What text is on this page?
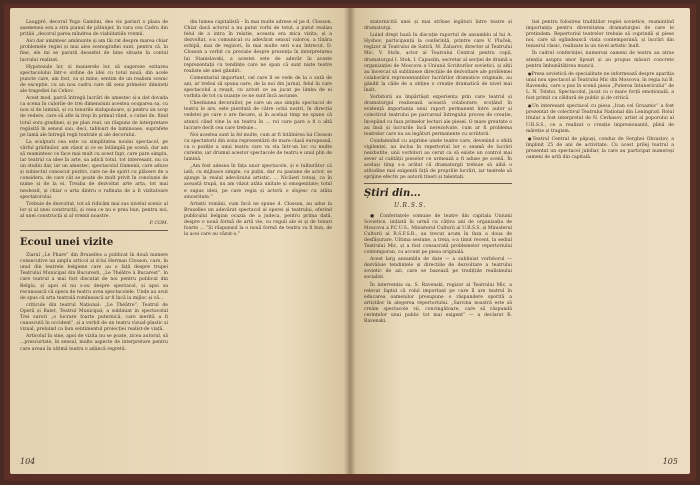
Laugpré, decorul Yugo Gamiini, deo vis pariuri o plaza de asemenea son a stra pianul de pătunjer, în vara cea Cadru din prițiiii „decorul parea mîndrea de viabiitatiile vremii.

Aici dar amintesc amănunte și am tăi rat despre marea chiar problemele regiei și mai ales scenografiei sunt, pentru că, în fine, ele mi se parură deosebit de bine situate în contul lucrului realizat.

Hypotezale lor, si manierele lor, să sugereze ezitarea spectacolului într-o ordine de idei cu totul nouă, din acele puncte care, am fost, ca și mine, sentim de un realism scenic de excepție, cu un nou cadru care dă sens primelor dimineți ale tragediei lui Cehov.

Acest mod, parcă întregii lucrări de amestec și-a dat dovada ca scena în culorile de trei dimensiuni acestea ocuparea sa, cu nou si de lumină, și cu tonurile stalupuloare, și pentru un scop de vedere, care să afle la trep în primul rând, o cutiei de, fiind totul sora gradinei, și pe plan real, un răspuns de interpretare regăsită în sensul sau, deci, tablouri de luminoase, suprafete pe lamă ale întregii regii teatrale și ale decorului.

La sculpurii cea este ca simplitatea noului spectacol, pe vârful grădinilor, am văzut și ce se întâmplă pe scenă, dar am să reamintesc ce face mai mult cu acest fapt, care pare simplu, iar teatrul ca idee în arte, sa adică totul, tot interesant, nu ca un studiu dar, iar un amestec, spectacolul Oamenii, care aduce și subiectul cunoscut pozitiv, care ne de spirit cu plăcere de a considera, de care cât se poate de mult privit în concluzie de nume și de la ei. Treaba de dezvoltat arte arta, tot mai neobosit, și chiar o arta dintru o rafinata de a fi vizitatoare spectatorului.

Trebuie de dezvoltat, tot să ridicăm mai sus nivelul scenic al lor și al unei construcții, și ceea ce nu e prea bun, pentru noi, al unei construcții și al vremii noastre.

P. COM.
Ecoul unei vizite

Ziarul „Le Phare” din Bruxelles a publicat în două numere consecutive un amplu articol al d-lui Herman Closson, care, în unul din teatrele belgiene care au o față despre trupei Teatrului Municipal din Bucuresti, „Le Théâtre à Bucarest”, în care teatrul a mai fost discutat de noi pentru publicul din Belgia, și apoi el nu s-au despre spectacol, și apoi sa recunoască că opera de teatru avea spectacolele. Unde au avut de spus că arta teatrală romînească ar fi încă la mijloc și că...

criticule din teatrul Național: „Le Théâtre”, Teatrul de Operă și Balet, Teatrul Municipal; a subliniat in spectacolul Trei surori „o lucrare foarte puternică, care merită a fi cunoscută în occident”, și a vorbit de un teatru vizuaI-plastic și vizual, preluind ca bun sentimentul proiecției realist-de viață.

Articolul în sine, apoi de vizita nu se poate, zicea autorul, să ...prescurtate, în sensul, multe aspecte de interpretare pentru care aveau în ultimă teatru o adâncă regretă.

din lumea capitalistă – în mai multe adrese el pe d. Closson. Chiar dacă actorul a nu putut vorbi de totul, a putut realiza felul de a intra în relatie, aceasta era mica vizita, și a dezvoltat, s-a comunicat cu adevărat sensul valoros, a tînăra echipă, mai de regizori, în mai multe seri s-au întrecut. D. Closson a vorbit cu precizie despre prezența în interpretarea lui Stanislavski, a acestei sete de adevăr în aceste reprezentații cu tendințe care ne spun că sunt niște teatre realiste ale unei gândiri.

Comentariul important, cel care îl se vede de la o sută de ani, ar trebui să spuna oare, de la noi din jurnal, felul în care spectacolul a reușit, cu actori ce au jucat pe limba de ei vorbita de tot cu nuanțe ce ne sunt încă ascunse.

Chestiunea decoruilor, pe care un așa simplu spectacol de teatru le are, este pierdută de către ochii noștri, în direcția vedetei pe care o are fiecare, și în același timp ne spune că atunci când vine la un teatru în ... rol care pare a fi o altă lucrare decît cea care trebuie...

Noi acestea sunt la fel multe, cum ar fi întâlnirea lui Closson cu spectatorii din zona reprezentării de mare clasă europeană, ca o poziție a unui teatru care va sta într-un loc cu multe curente, iar drumul acestor spectacole de teatru e unul plin de lumină.

„Am fost adesea în fața unor spectacole, și e tulburător că iată, cu mijloace simple, cu puțin, dar cu pasiune de actor, se ajunge la realul adevărului artistic, ... Nicăieri totuși, ca în această trupă, nu am văzut atâta unitate și omogenitate; totul e supus ideii, pe care regia și actorii o slujesc cu atâta sinceritate.”

Artistii români, cum încă ne spune d. Closson, au adus la Bruxelles un adevărat spectacol al operei și teatrului, oferind publicului belgian ocazia de a judeca, pentru prima dată, despre o nouă formă de artă vie, cu reguli ale ei și de tonuri foarte ... ”Și răspunsul la o nouă formă de teatru va fi bun, de la acei care au văzut-o.”

104

statornicită unei și mai strînse legături între teatre și dramaturgi.

Luind drept bază în discuție raportul de ansamblu al lui A. Hyshov, participanții la conferință, printre care V. Pluček, regizor al Teatrului de Satiră, M. Zaharov, director al Teatrului Mic, V. Stoîn, actor al Teatrului Central pentru copii, dramaturgul I. Stok, I. Capustin, secretar al secției de dramă a organizației de Moscova a Uniunii Scriitorilor sovietici, și alții au încercat să sublinieze direcțiile de dezvoltare ale problemei colaborării reprezentanților lucrărilor dramatice originale, au gândit la căile de a obține o creație dramatică de nivel mai înalt.

Vorbitorii au împărtășit experiența prin care teatrul și dramaturgul realizează această colaborare, scoțând în evidență importanța unui raport permanent între autor și colectivul teatrului pe parcursul întregului proces de creație, începând cu faza primelor lecturi ale piesei. O mare greutate o au însă și lucrurile încă nerezolvate, cum ar fi problema teatrelor care nu au legături permanente cu scriitorii.

Condamnînd cu asprime unele teatre care, devenind o sfidă vigilenței, au inclus în repertoriul lor o seamă de lucrări neizbutite, unii vorbitori au cerut ca să existe un control mai sever al calității pieselor ce urmează a fi aduse pe scenă. În același timp s-a arătat că dramaturgii trebuie să aibă o atitudine mai exigentă față de propriile lucrări, iar teatrele să sprijine efectiv pe autorii tineri și talentați.

Știri din...
U.R.S.S.

● Conferințele comune de teatre din capitala Uniunii Sovietice, inițiată în urmă cu câțiva ani de organizația de Moscova a P.C.U.S., Ministerul Culturii al U.R.S.S. și Ministerul Culturii al R.S.F.S.R., au trecut acum în faza a doua de desfășurare. Ultima sesiune, a treia, s-a ținut recent, la sediul Teatrului Mic, și a fost consacrată problemelor repertoriului contemporan, cu accent pe piesa originală.

Acest larg ansamblu de date — a subliniat vorbitorul — dezvăluie tendințele și direcțiile de dezvoltare a teatrului sovietic de azi, care se bazează pe tradițiile realismului socialist.

În intervenția sa, S. Ravenski, regizor al Teatrului Mic, a relevat faptul că rolul important pe care îl are teatrul în educarea oamenilor presupune o răspundere sporită a artiștilor în alegerea repertoriului. „Sarcina noastră este să creăm spectacole vii, convingătoare, care să răspundă cerințelor unui public tot mai exigent” — a declarat B. Ravenski.

tiei pentru folosirea tradițiilor regiei sovietice, reamintind importanța pentru diversitatea dramaturgiei de care le pretindem. Repertoriul teatrelor trebuie să cuprindă și piese noi, care să oglindească viața contemporană, și lucrări din tezaurul clasic, realizate la un nivel artistic înalt.

În cadrul conferinței, numeroși oameni de teatru au atras atenția asupra unor lipsuri și au propus măsuri concrete pentru îmbunătățirea muncii.

● Presa sovietică de specialitate ne informează despre apariția unui nou spectacol al Teatrului Mic din Moscova, în regia lui B. Ravenski, care a pus în scenă piesa „Puterea întunericului” de L. N. Tolstoi. Spectacolul, jucat cu o mare forță emoțională, a fost primit cu căldură de public și de critică.

● Un interesant spectacol cu piesa „Ivan cel Groaznic” a fost prezentat de colectivul Teatrului Național din Leningrad. Rolul titular a fost interpretat de N. Cerkasov, artist al poporului al U.R.S.S., ce a realizat o creație impresionantă, plină de măreție și tragism.

● Teatrul Central de păpuși, condus de Serghei Obrazțov, a împlinit 25 de ani de activitate. Cu acest prilej teatrul a prezentat un spectacol jubiliar, la care au participat numeroși oameni de artă din capitală.

105
